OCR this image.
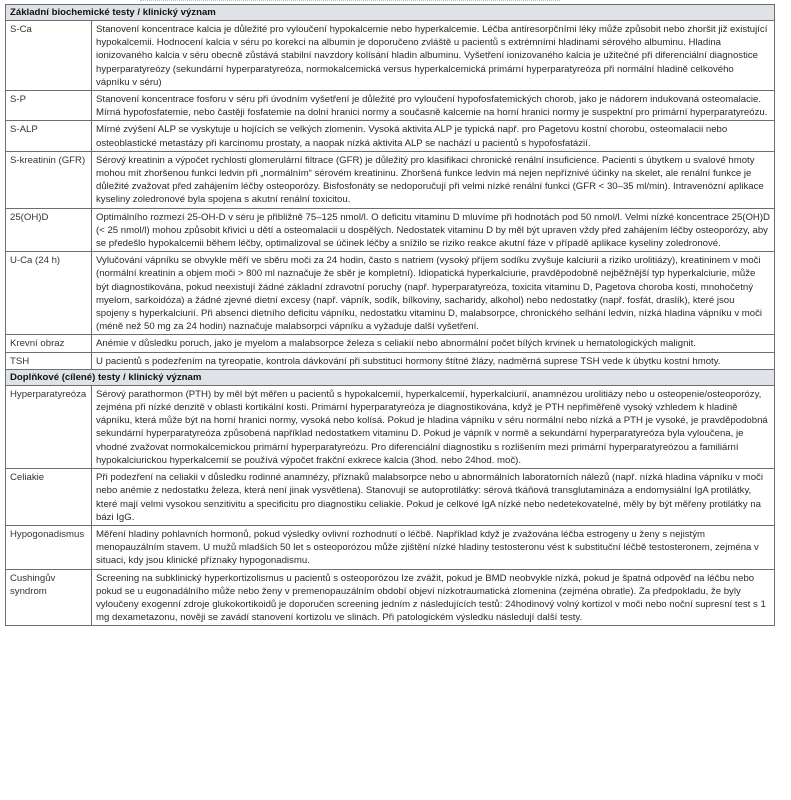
Základní biochemické testy / klinický význam	
S-Ca	Stanovení koncentrace kalcia je důležité pro vyloučení hypokalcemie nebo hyperkalcemie. Léčba antiresorpčními léky může způsobit nebo zhoršit již existující hypokalcemii. Hodnocení kalcia v séru po korekci na albumin je doporučeno zvláště u pacientů s extrémními hladinami sérového albuminu. Hladina ionizovaného kalcia v séru obecně zůstává stabilní navzdory kolísání hladin albuminu. Vyšetření ionizovaného kalcia je užitečné při diferenciální diagnostice hyperparatyreózy (sekundární hyperparatyreóza, normokalcemická versus hyperkalcemická primární hyperparatyreóza při normální hladině celkového vápníku v séru)
S-P	Stanovení koncentrace fosforu v séru při úvodním vyšetření je důležité pro vyloučení hypofosfatemických chorob, jako je nádorem indukovaná osteomalacie. Mírná hypofosfatemie, nebo častěji fosfatemie na dolní hranici normy a současně kalcemie na horní hranici normy je suspektní pro primární hyperparatyreózu.
S-ALP	Mírné zvýšení ALP se vyskytuje u hojících se velkých zlomenin. Vysoká aktivita ALP je typická např. pro Pagetovu kostní chorobu, osteomalacii nebo osteoblastické metastázy při karcinomu prostaty, a naopak nízká aktivita ALP se nachází u pacientů s hypofosfatázií.
S-kreatinin (GFR)	Sérový kreatinin a výpočet rychlosti glomerulární filtrace (GFR) je důležitý pro klasifikaci chronické renální insuficience. Pacienti s úbytkem u svalové hmoty mohou mít zhoršenou funkci ledvin při „normálním“ sérovém kreatininu. Zhoršená funkce ledvin má nejen nepříznivé účinky na skelet, ale renální funkce je důležité zvažovat před zahájením léčby osteoporózy. Bisfosfonáty se nedoporučují při velmi nízké renální funkci (GFR < 30–35 ml/min). Intravenózní aplikace kyseliny zoledronové byla spojena s akutní renální toxicitou.
25(OH)D	Optimálního rozmezí 25-OH-D v séru je přibližně 75–125 nmol/l. O deficitu vitaminu D mluvíme při hodnotách pod 50 nmol/l. Velmi nízké koncentrace 25(OH)D (< 25 nmol/l) mohou způsobit křivici u dětí a osteomalacii u dospělých. Nedostatek vitaminu D by měl být upraven vždy před zahájením léčby osteoporózy, aby se předešlo hypokalcemii během léčby, optimalizoval se účinek léčby a snížilo se riziko reakce akutní fáze v případě aplikace kyseliny zoledronové.
U-Ca (24 h)	Vylučování vápníku se obvykle měří ve sběru moči za 24 hodin, často s natriem (vysoký příjem sodíku zvyšuje kalciurii a riziko urolitiázy), kreatininem v moči (normální kreatinin a objem moči > 800 ml naznačuje že sběr je kompletní). Idiopatická hyperkalciurie, pravděpodobně nejběžnější typ hyperkalciurie, může být diagnostikována, pokud neexistují žádné základní zdravotní poruchy (např. hyperparatyreóza, toxicita vitaminu D, Pagetova choroba kosti, mnohočetný myelom, sarkoidóza) a žádné zjevné dietní excesy (např. vápník, sodík, bílkoviny, sacharidy, alkohol) nebo nedostatky (např. fosfát, draslík), které jsou spojeny s hyperkalciurií. Při absenci dietního deficitu vápníku, nedostatku vitaminu D, malabsorpce, chronického selhání ledvin, nízká hladina vápníku v moči (méně než 50 mg za 24 hodin) naznačuje malabsorpci vápníku a vyžaduje další vyšetření.
Krevní obraz	Anémie v důsledku poruch, jako je myelom a malabsorpce železa s celiakií nebo abnormální počet bílých krvinek u hematologických malignit.
TSH	U pacientů s podezřením na tyreopatie, kontrola dávkování při substituci hormony štítné žlázy, nadměrná suprese TSH vede k úbytku kostní hmoty.
Doplňkové (cílené) testy / klinický význam	
Hyperparatyreóza	Sérový parathormon (PTH) by měl být měřen u pacientů s hypokalcemií, hyperkalcemií, hyperkalciurií, anamnézou urolitiázy nebo u osteopenie/osteoporózy, zejména při nízké denzitě v oblasti kortikální kosti. Primární hyperparatyreóza je diagnostikována, když je PTH nepřiměřeně vysoký vzhledem k hladině vápníku, která může být na horní hranici normy, vysoká nebo kolísá. Pokud je hladina vápníku v séru normální nebo nízká a PTH je vysoké, je pravděpodobná sekundární hyperparatyreóza způsobená například nedostatkem vitaminu D. Pokud je vápník v normě a sekundární hyperparatyreóza byla vyloučena, je vhodné zvažovat normokalcemickou primární hyperparatyreózu. Pro diferenciální diagnostiku s rozlišením mezi primární hyperparatyreózou a familiární hypokalciurickou hyperkalcemií se používá výpočet frakční exkrece kalcia (3hod. nebo 24hod. moč).
Celiakie	Při podezření na celiakii v důsledku rodinné anamnézy, příznaků malabsorpce nebo u abnormálních laboratorních nálezů (např. nízká hladina vápníku v moči nebo anémie z nedostatku železa, která není jinak vysvětlena). Stanovují se autoprotilátky: sérová tkáňová transglutamináza a endomysiální IgA protilátky, které mají velmi vysokou senzitivitu a specificitu pro diagnostiku celiakie. Pokud je celkové IgA nízké nebo nedetekovatelné, měly by být měřeny protilátky na bázi IgG.
Hypogonadismus	Měření hladiny pohlavních hormonů, pokud výsledky ovlivní rozhodnutí o léčbě. Například když je zvažována léčba estrogeny u ženy s nejistým menopauzálním stavem. U mužů mladších 50 let s osteoporózou může zjištění nízké hladiny testosteronu vést k substituční léčbě testosteronem, zejména v situaci, kdy jsou klinické příznaky hypogonadismu.
Cushingův syndrom	Screening na subklinický hyperkortizolismus u pacientů s osteoporózou lze zvážit, pokud je BMD neobvykle nízká, pokud je špatná odpověď na léčbu nebo pokud se u eugonadálního může nebo ženy v premenopauzálním období objeví nízkotraumatická zlomenina (zejména obratle). Za předpokladu, že byly vyloučeny exogenní zdroje glukokortikoidů je doporučen screening jedním z následujících testů: 24hodinový volný kortizol v moči nebo noční supresní test s 1 mg dexametazonu, nověji se zavádí stanovení kortizolu ve slinách. Při patologickém výsledku následují další testy.
